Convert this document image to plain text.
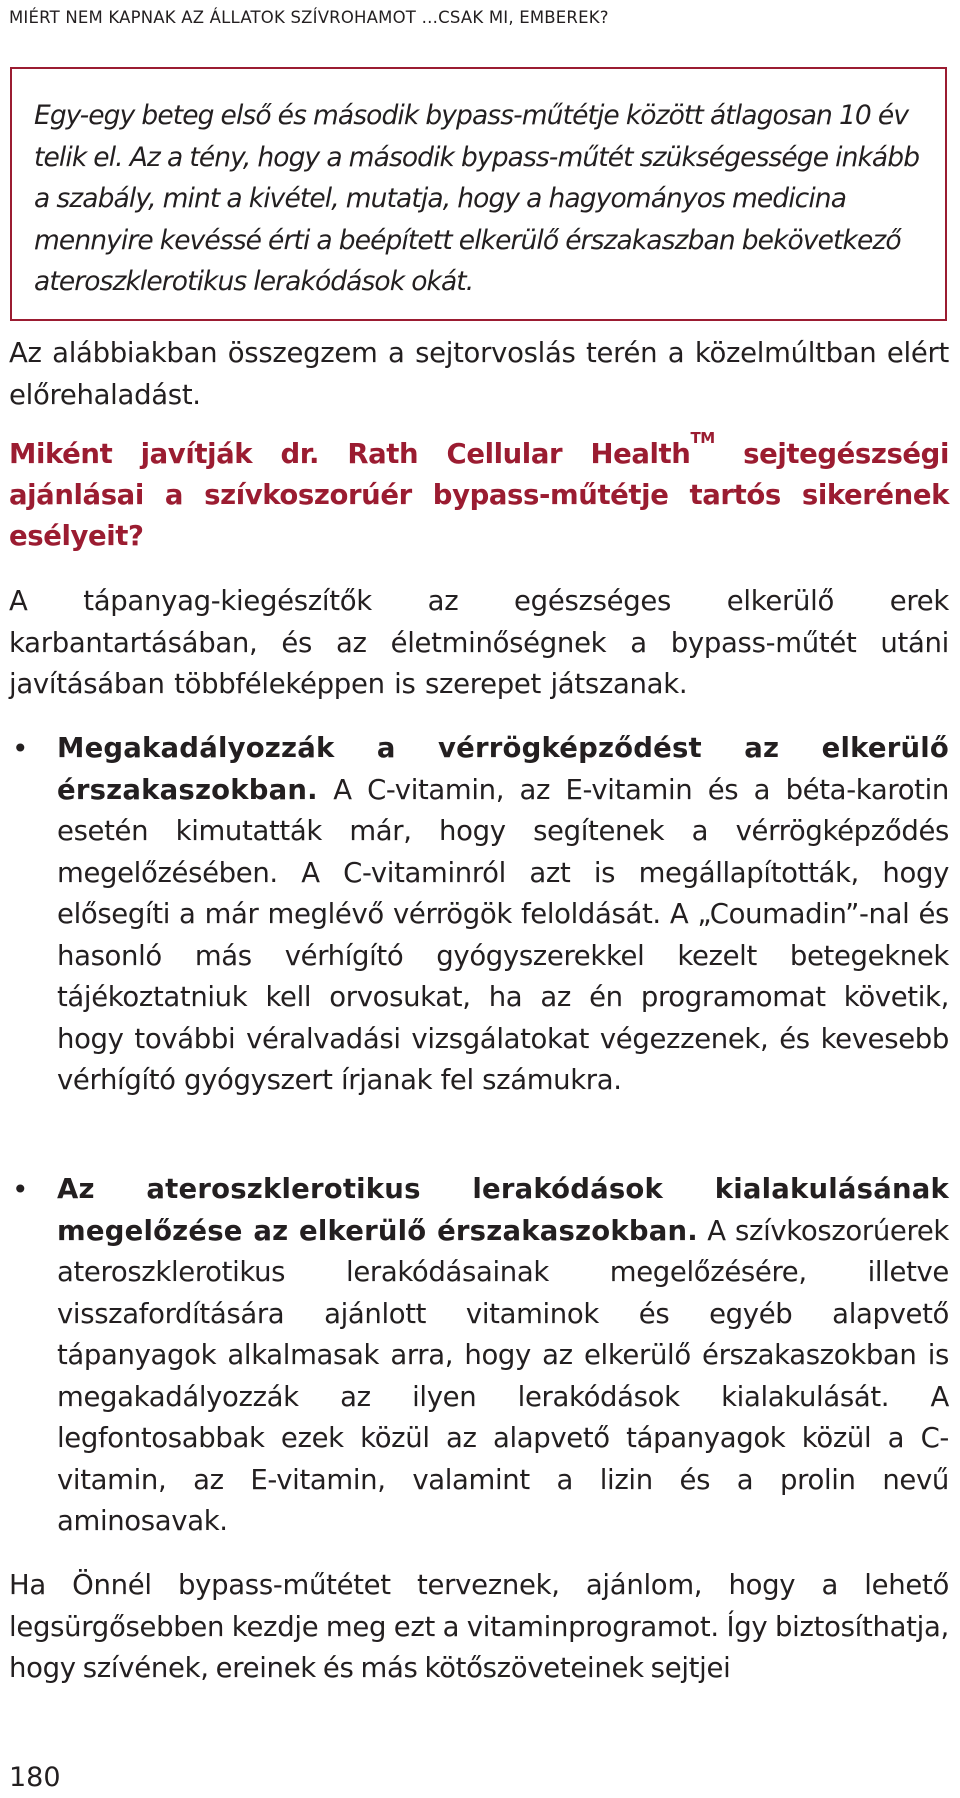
MIÉRT NEM KAPNAK AZ ÁLLATOK SZÍVROHAMOT …CSAK MI, EMBEREK?
Egy-egy beteg első és második bypass-műtétje között átlagosan 10 év telik el. Az a tény, hogy a második bypass-műtét szükségessége inkább a szabály, mint a kivétel, mutatja, hogy a hagyományos medicina mennyire kevéssé érti a beépített elkerülő érszakaszban bekövetkező ateroszklerotikus lerakódások okát.
Az alábbiakban összegzem a sejtorvoslás terén a közelmúltban elért előrehaladást.
Miként javítják dr. Rath Cellular Health™ sejtegészségi ajánlásai a szívkoszorúér bypass-műtétje tartós sikerének esélyeit?
A tápanyag-kiegészítők az egészséges elkerülő erek karbantartásában, és az életminőségnek a bypass-műtét utáni javításában többféleképpen is szerepet játszanak.
• Megakadályozzák a vérrögképződést az elkerülő érszakaszokban. A C-vitamin, az E-vitamin és a béta-karotin esetén kimutatták már, hogy segítenek a vérrögképződés megelőzésében. A C-vitaminról azt is megállapították, hogy elősegíti a már meglévő vérrögök feloldását. A „Coumadin”-nal és hasonló más vérhígító gyógyszerekkel kezelt betegeknek tájékoztatniuk kell orvosukat, ha az én programomat követik, hogy további véralvadási vizsgálatokat végezzenek, és kevesebb vérhígító gyógyszert írjanak fel számukra.
• Az ateroszklerotikus lerakódások kialakulásának megelőzése az elkerülő érszakaszokban. A szívkoszorúerek ateroszklerotikus lerakódásainak megelőzésére, illetve visszafordítására ajánlott vitaminok és egyéb alapvető tápanyagok alkalmasak arra, hogy az elkerülő érszakaszokban is megakadályozzák az ilyen lerakódások kialakulását. A legfontosabbak ezek közül az alapvető tápanyagok közül a C-vitamin, az E-vitamin, valamint a lizin és a prolin nevű aminosavak.
Ha Önnél bypass-műtétet terveznek, ajánlom, hogy a lehető legsürgősebben kezdje meg ezt a vitaminprogramot. Így biztosíthatja, hogy szívének, ereinek és más kötőszöveteinek sejtjei
180
